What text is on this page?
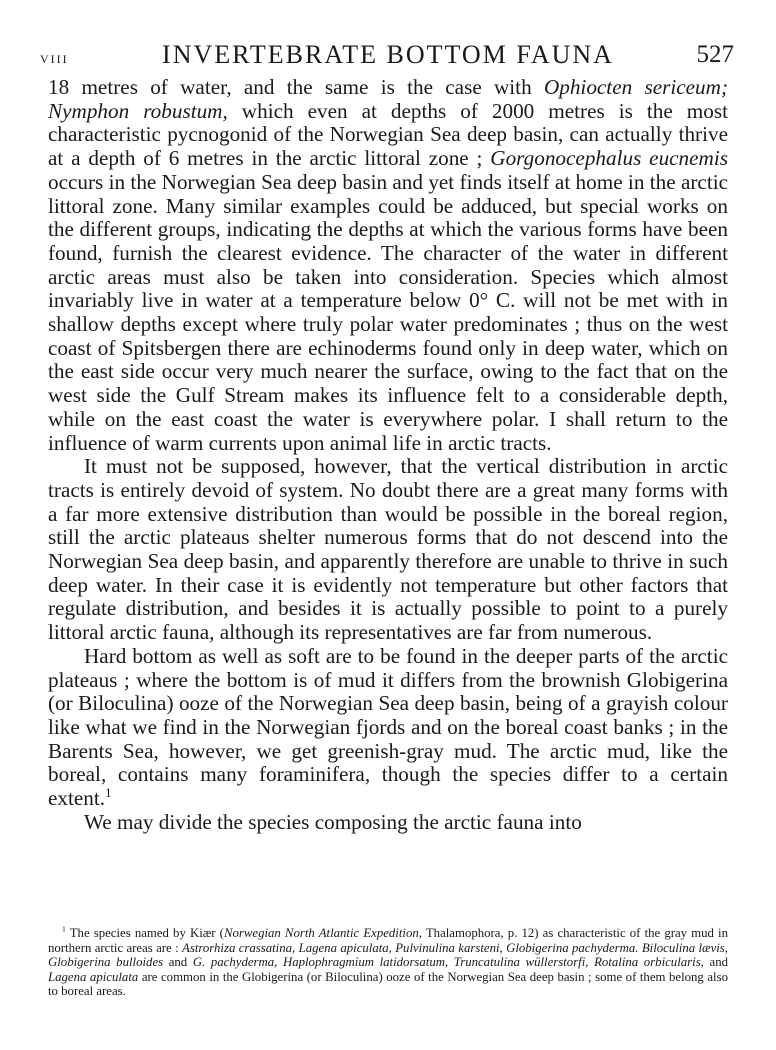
VIII	INVERTEBRATE BOTTOM FAUNA	527

18 metres of water, and the same is the case with Ophiocten sericeum; Nymphon robustum, which even at depths of 2000 metres is the most characteristic pycnogonid of the Norwegian Sea deep basin, can actually thrive at a depth of 6 metres in the arctic littoral zone ; Gorgonocephalus eucnemis occurs in the Norwegian Sea deep basin and yet finds itself at home in the arctic littoral zone. Many similar examples could be adduced, but special works on the different groups, indicating the depths at which the various forms have been found, furnish the clearest evidence. The character of the water in different arctic areas must also be taken into consideration. Species which almost invariably live in water at a temperature below 0° C. will not be met with in shallow depths except where truly polar water predominates ; thus on the west coast of Spitsbergen there are echinoderms found only in deep water, which on the east side occur very much nearer the surface, owing to the fact that on the west side the Gulf Stream makes its influence felt to a considerable depth, while on the east coast the water is everywhere polar. I shall return to the influence of warm currents upon animal life in arctic tracts.

It must not be supposed, however, that the vertical distribution in arctic tracts is entirely devoid of system. No doubt there are a great many forms with a far more extensive distribution than would be possible in the boreal region, still the arctic plateaus shelter numerous forms that do not descend into the Norwegian Sea deep basin, and apparently therefore are unable to thrive in such deep water. In their case it is evidently not temperature but other factors that regulate distribution, and besides it is actually possible to point to a purely littoral arctic fauna, although its representatives are far from numerous.

Hard bottom as well as soft are to be found in the deeper parts of the arctic plateaus ; where the bottom is of mud it differs from the brownish Globigerina (or Biloculina) ooze of the Norwegian Sea deep basin, being of a grayish colour like what we find in the Norwegian fjords and on the boreal coast banks ; in the Barents Sea, however, we get greenish-gray mud. The arctic mud, like the boreal, contains many foraminifera, though the species differ to a certain extent.$^1$

We may divide the species composing the arctic fauna into

$^1$ The species named by Kiær (Norwegian North Atlantic Expedition, Thalamophora, p. 12) as characteristic of the gray mud in northern arctic areas are : Astrorhiza crassatina, Lagena apiculata, Pulvinulina karsteni, Globigerina pachyderma. Biloculina lævis, Globigerina bulloides and G. pachyderma, Haplophragmium latidorsatum, Truncatulina wüllerstorfi, Rotalina orbicularis, and Lagena apiculata are common in the Globigerina (or Biloculina) ooze of the Norwegian Sea deep basin ; some of them belong also to boreal areas.
